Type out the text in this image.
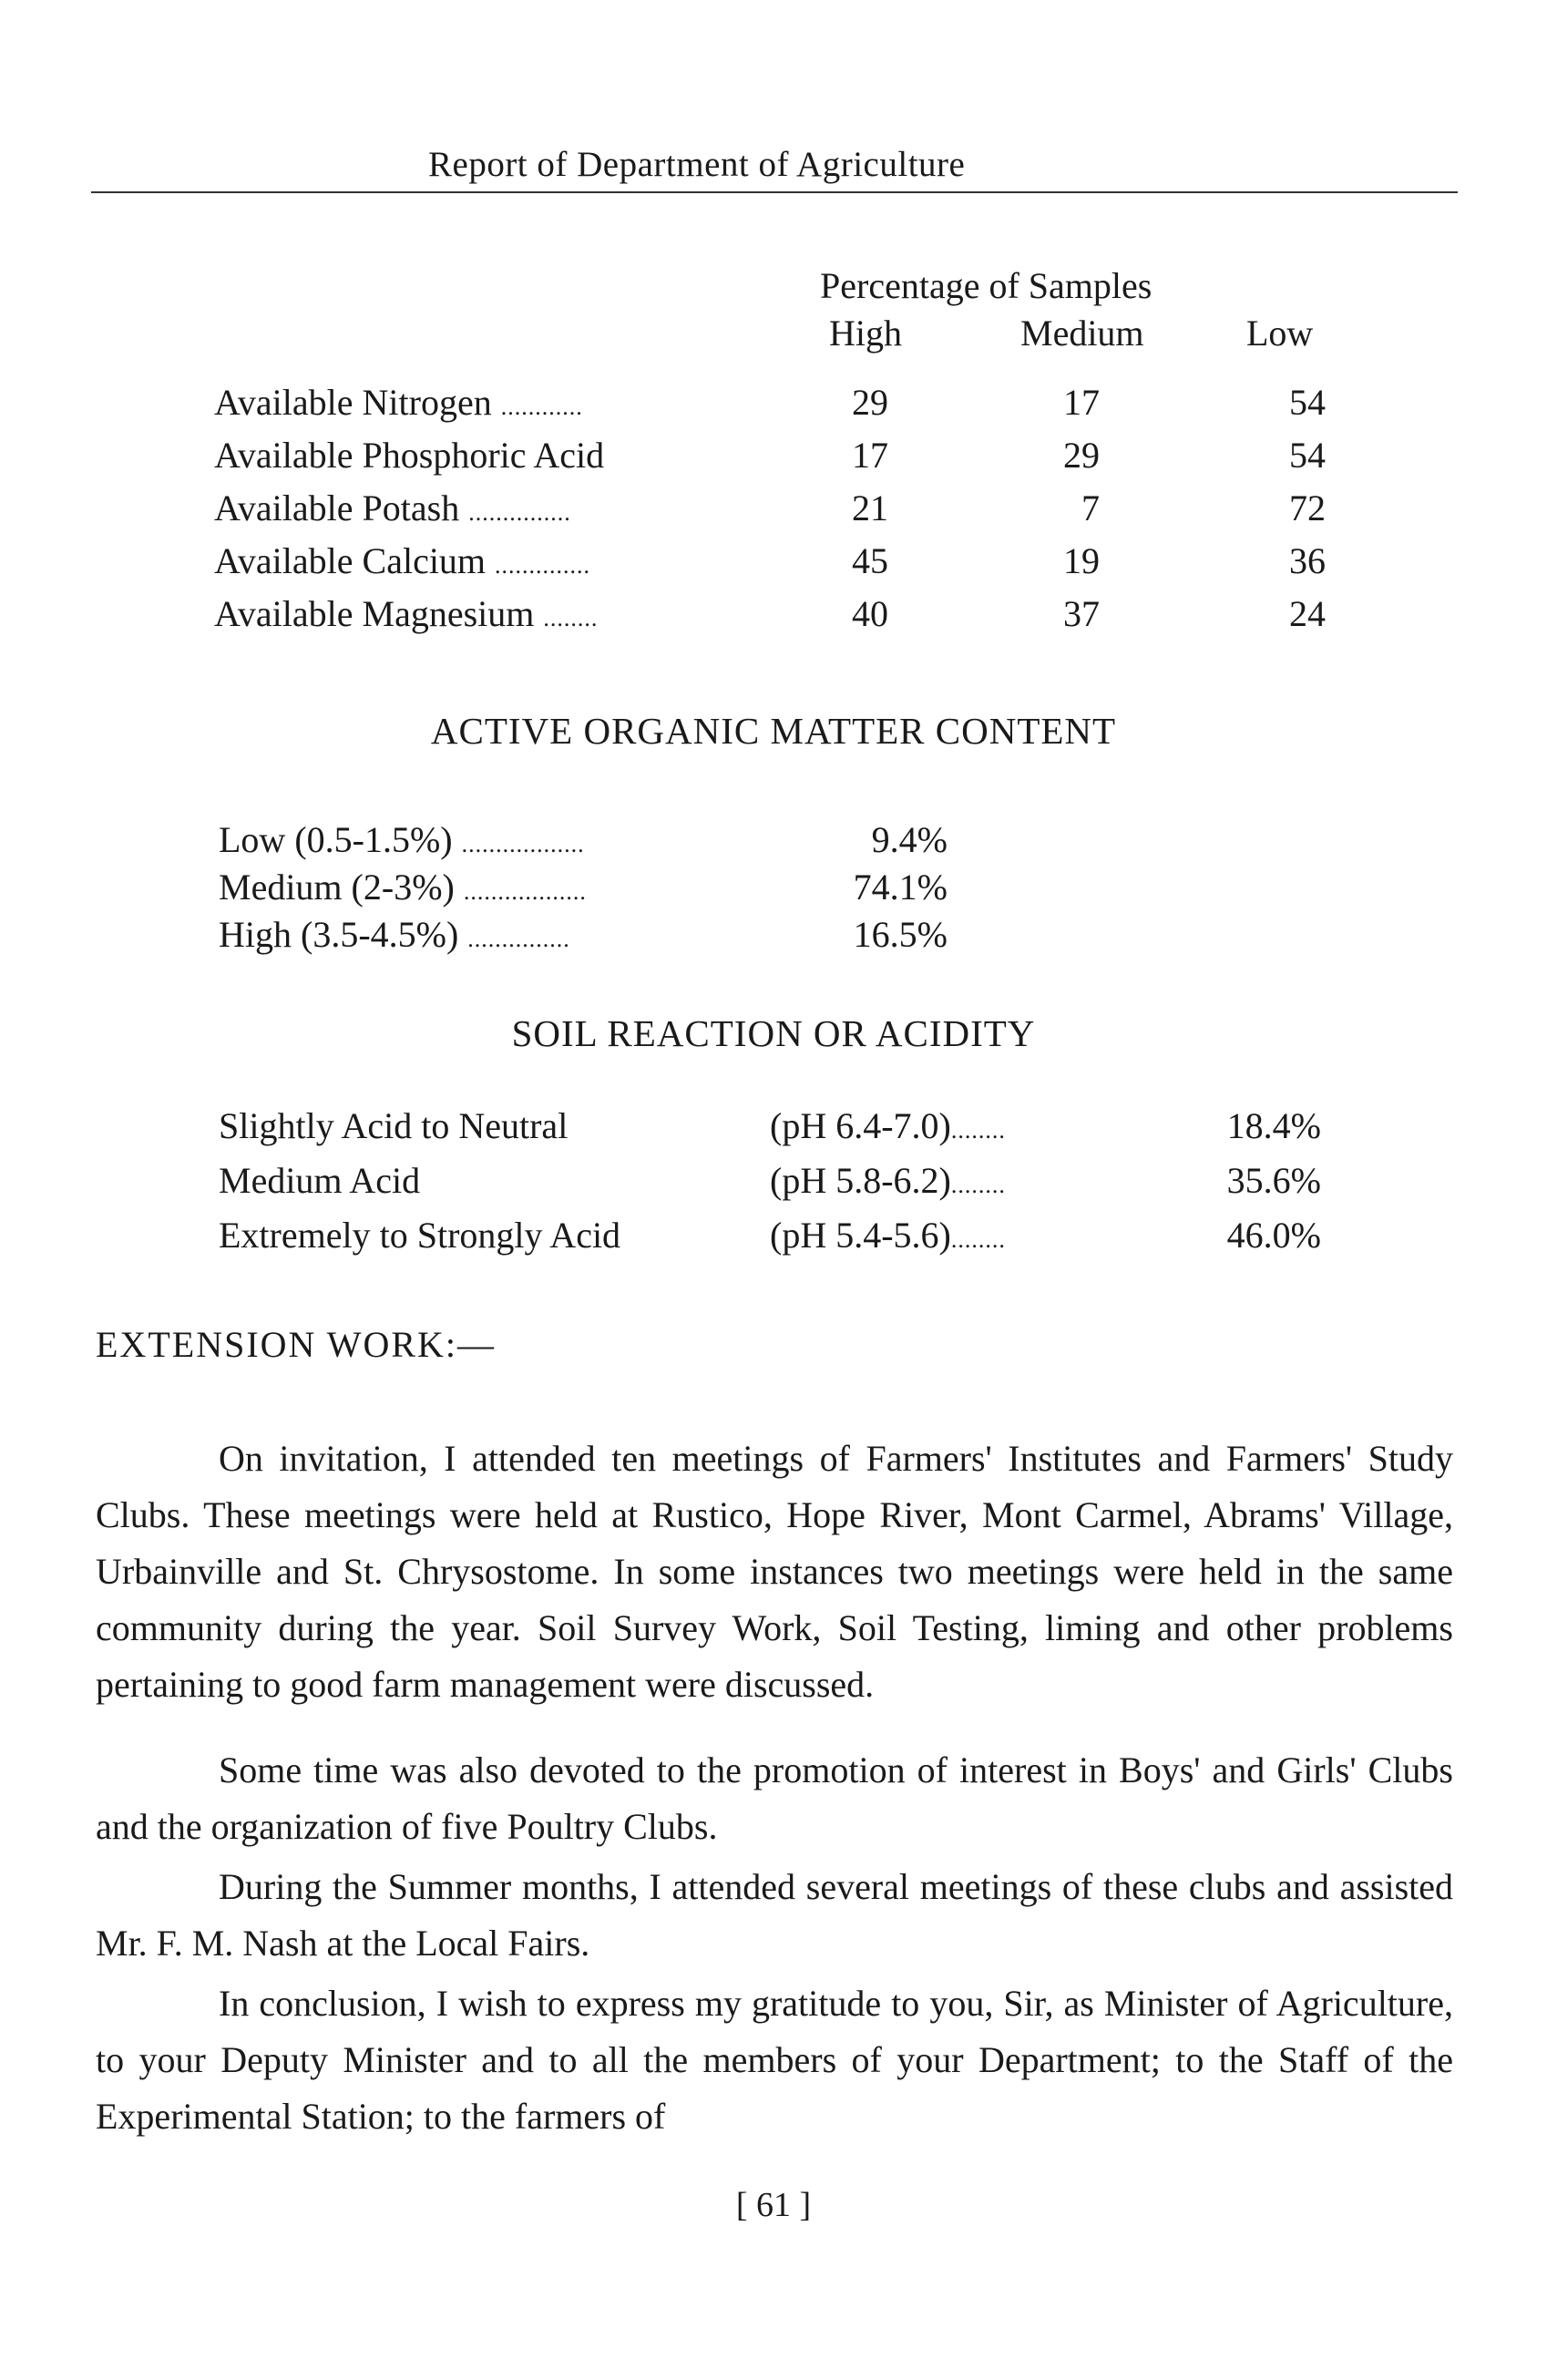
Report of Department of Agriculture
Percentage of Samples
High	Medium	Low
Available Nitrogen ............	29	17	54
Available Phosphoric Acid	17	29	54
Available Potash ...............	21	7	72
Available Calcium ..............	45	19	36
Available Magnesium ........	40	37	24
ACTIVE ORGANIC MATTER CONTENT
Low (0.5-1.5%) ..................	9.4%
Medium (2-3%) ..................	74.1%
High (3.5-4.5%) ...............	16.5%
SOIL REACTION OR ACIDITY
Slightly Acid to Neutral	(pH 6.4-7.0)........	18.4%
Medium Acid	(pH 5.8-6.2)........	35.6%
Extremely to Strongly Acid	(pH 5.4-5.6)........	46.0%
EXTENSION WORK:—

On invitation, I attended ten meetings of Farmers' Institutes and Farmers' Study Clubs. These meetings were held at Rustico, Hope River, Mont Carmel, Abrams' Village, Urbainville and St. Chrysostome. In some instances two meetings were held in the same community during the year. Soil Survey Work, Soil Testing, liming and other problems pertaining to good farm management were discussed.

Some time was also devoted to the promotion of interest in Boys' and Girls' Clubs and the organization of five Poultry Clubs.

During the Summer months, I attended several meetings of these clubs and assisted Mr. F. M. Nash at the Local Fairs.

In conclusion, I wish to express my gratitude to you, Sir, as Minister of Agriculture, to your Deputy Minister and to all the members of your Department; to the Staff of the Experimental Station; to the farmers of

[ 61 ]
